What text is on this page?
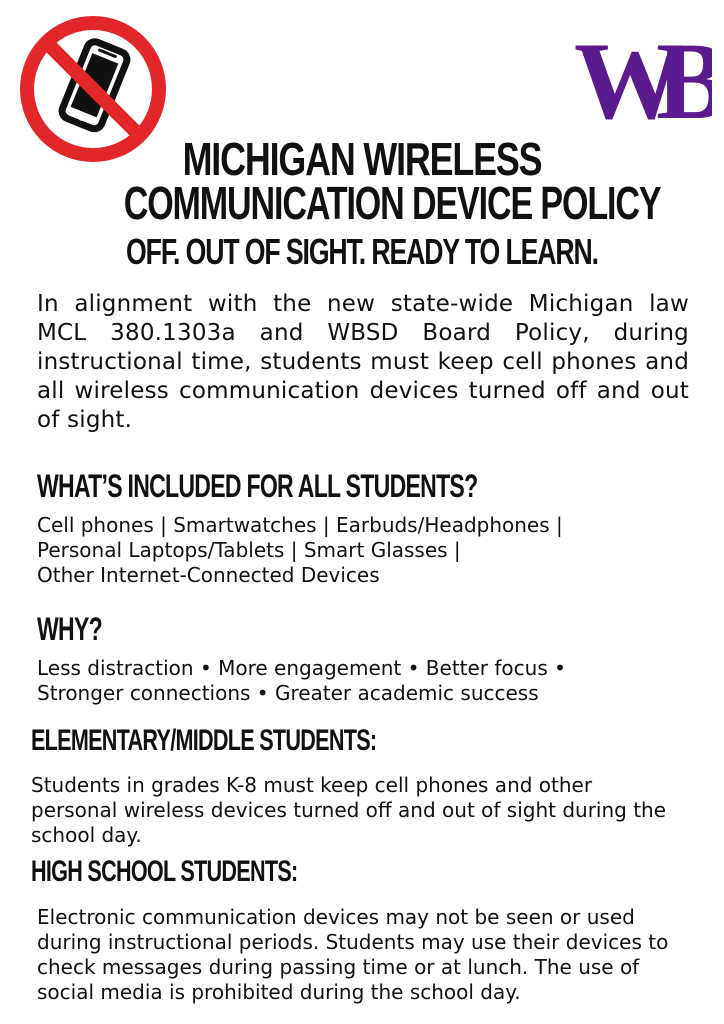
WB
MICHIGAN WIRELESS
COMMUNICATION DEVICE POLICY
OFF. OUT OF SIGHT. READY TO LEARN.
In alignment with the new state-wide Michigan law MCL 380.1303a and WBSD Board Policy, during instructional time, students must keep cell phones and all wireless communication devices turned off and out of sight.
WHAT’S INCLUDED FOR ALL STUDENTS?
Cell phones | Smartwatches | Earbuds/Headphones |
Personal Laptops/Tablets | Smart Glasses |
Other Internet-Connected Devices
WHY?
Less distraction • More engagement • Better focus •
Stronger connections • Greater academic success
ELEMENTARY/MIDDLE STUDENTS:
Students in grades K-8 must keep cell phones and other
personal wireless devices turned off and out of sight during the
school day.
HIGH SCHOOL STUDENTS:
Electronic communication devices may not be seen or used
during instructional periods. Students may use their devices to
check messages during passing time or at lunch. The use of
social media is prohibited during the school day.
